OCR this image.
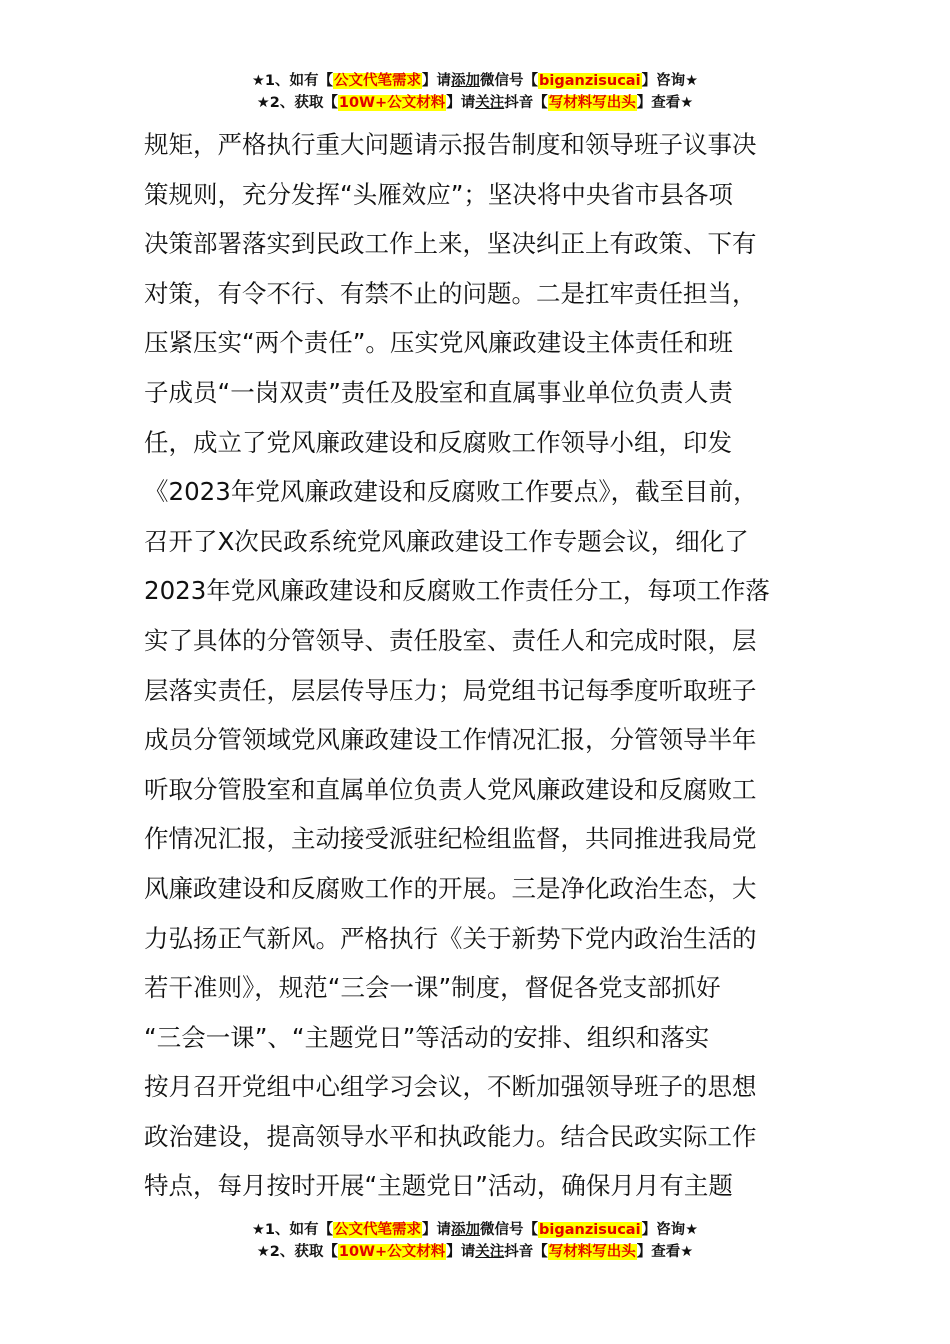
★1、如有【公文代笔需求】请添加微信号【biganzisucai】咨询★
★2、获取【10W+公文材料】请关注抖音【写材料写出头】查看★
规矩，严格执行重大问题请示报告制度和领导班子议事决
策规则，充分发挥“头雁效应”；坚决将中央省市县各项
决策部署落实到民政工作上来，坚决纠正上有政策、下有
对策，有令不行、有禁不止的问题。二是扛牢责任担当，
压紧压实“两个责任”。压实党风廉政建设主体责任和班
子成员“一岗双责”责任及股室和直属事业单位负责人责
任，成立了党风廉政建设和反腐败工作领导小组，印发
《2023年党风廉政建设和反腐败工作要点》，截至目前，
召开了X次民政系统党风廉政建设工作专题会议，细化了
2023年党风廉政建设和反腐败工作责任分工，每项工作落
实了具体的分管领导、责任股室、责任人和完成时限，层
层落实责任，层层传导压力；局党组书记每季度听取班子
成员分管领域党风廉政建设工作情况汇报，分管领导半年
听取分管股室和直属单位负责人党风廉政建设和反腐败工
作情况汇报，主动接受派驻纪检组监督，共同推进我局党
风廉政建设和反腐败工作的开展。三是净化政治生态，大
力弘扬正气新风。严格执行《关于新势下党内政治生活的
若干准则》，规范“三会一课”制度，督促各党支部抓好
“三会一课”、“主题党日”等活动的安排、组织和落实
按月召开党组中心组学习会议，不断加强领导班子的思想
政治建设，提高领导水平和执政能力。结合民政实际工作
特点，每月按时开展“主题党日”活动，确保月月有主题
★1、如有【公文代笔需求】请添加微信号【biganzisucai】咨询★
★2、获取【10W+公文材料】请关注抖音【写材料写出头】查看★
